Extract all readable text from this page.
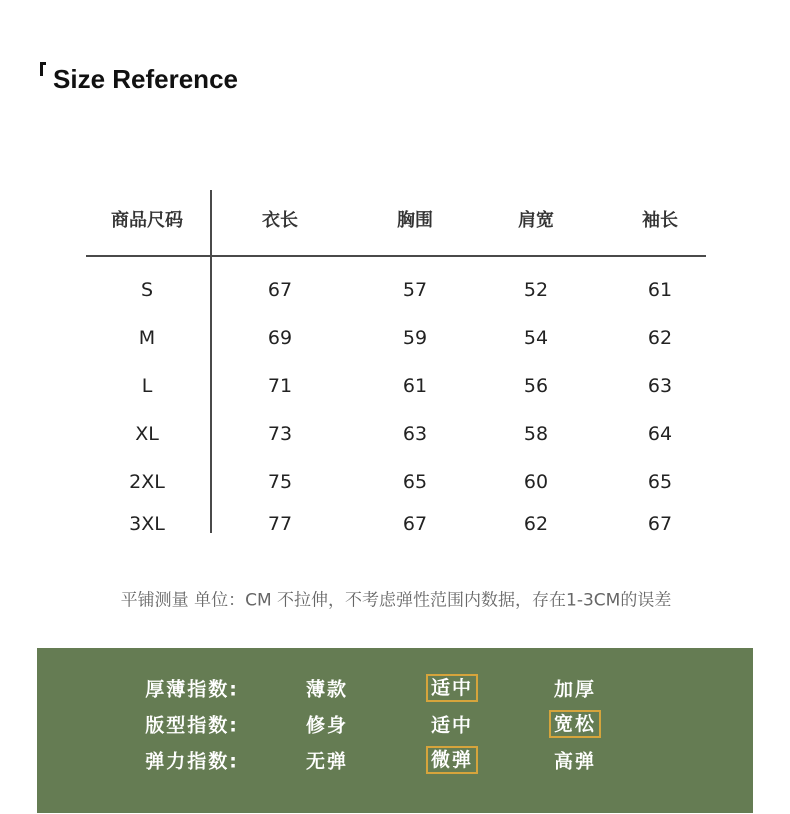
Size Reference
商品尺码	衣长	胸围	肩宽	袖长
S	67	57	52	61
M	69	59	54	62
L	71	61	56	63
XL	73	63	58	64
2XL	75	65	60	65
3XL	77	67	62	67
平铺测量 单位：CM 不拉伸，不考虑弹性范围内数据，存在1-3CM的误差
厚薄指数:	薄款	适中	加厚
版型指数:	修身	适中	宽松
弹力指数:	无弹	微弹	高弹
